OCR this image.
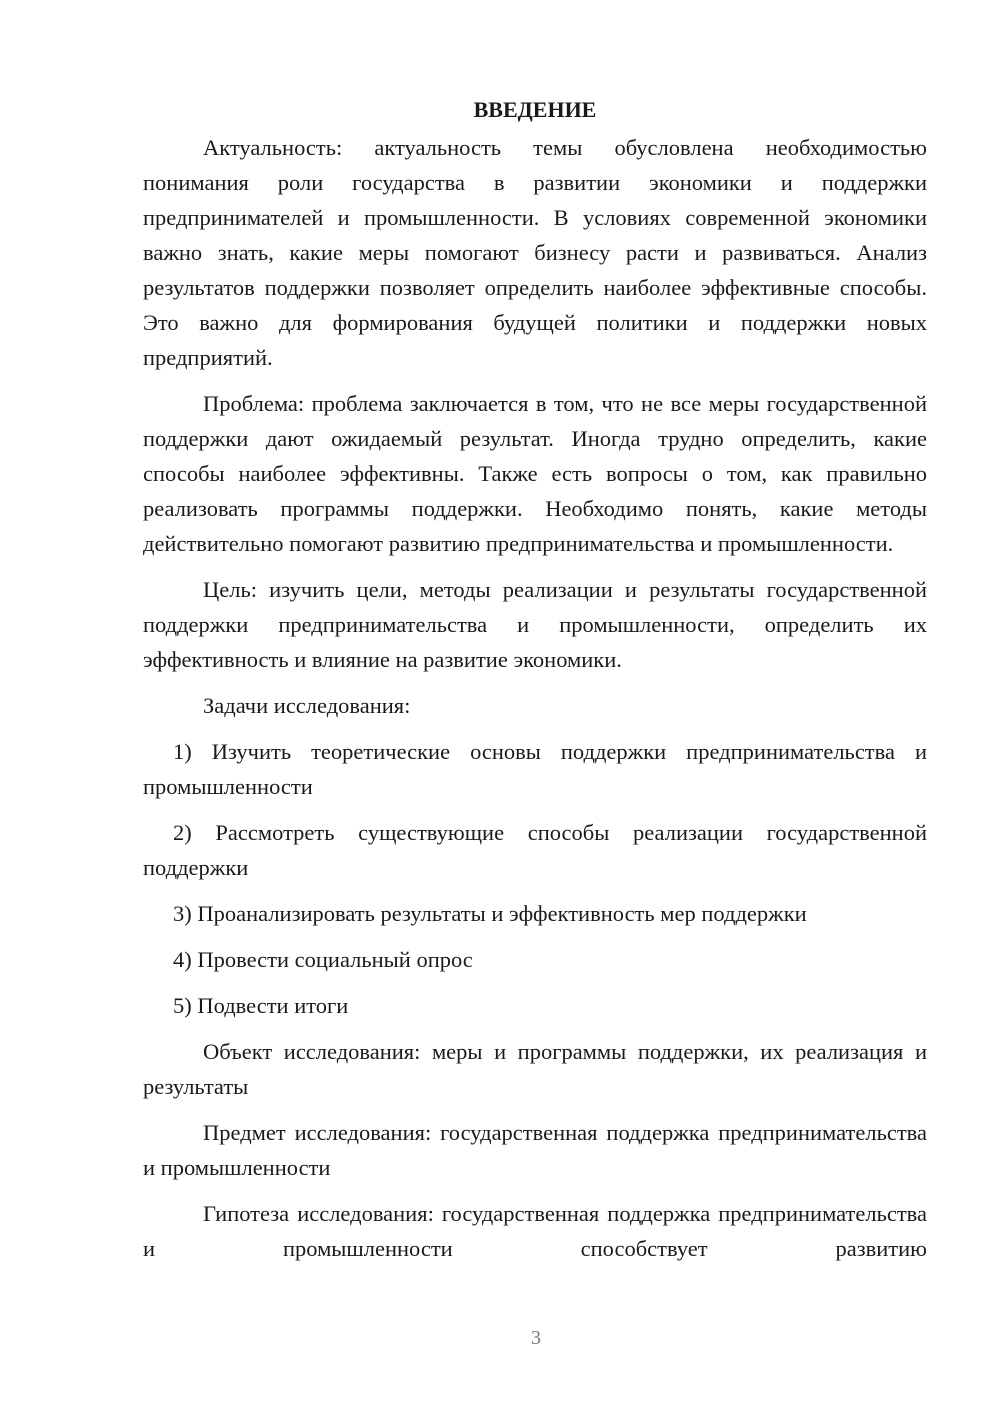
ВВЕДЕНИЕ

Актуальность: актуальность темы обусловлена необходимостью понимания роли государства в развитии экономики и поддержки предпринимателей и промышленности. В условиях современной экономики важно знать, какие меры помогают бизнесу расти и развиваться. Анализ результатов поддержки позволяет определить наиболее эффективные способы. Это важно для формирования будущей политики и поддержки новых предприятий.

Проблема: проблема заключается в том, что не все меры государственной поддержки дают ожидаемый результат. Иногда трудно определить, какие способы наиболее эффективны. Также есть вопросы о том, как правильно реализовать программы поддержки. Необходимо понять, какие методы действительно помогают развитию предпринимательства и промышленности.

Цель: изучить цели, методы реализации и результаты государственной поддержки предпринимательства и промышленности, определить их эффективность и влияние на развитие экономики.

Задачи исследования:

1) Изучить теоретические основы поддержки предпринимательства и промышленности

2) Рассмотреть существующие способы реализации государственной поддержки

3) Проанализировать результаты и эффективность мер поддержки

4) Провести социальный опрос

5) Подвести итоги

Объект исследования: меры и программы поддержки, их реализация и результаты

Предмет исследования: государственная поддержка предпринимательства и промышленности

Гипотеза исследования: государственная поддержка предпринимательства и промышленности способствует развитию

3
